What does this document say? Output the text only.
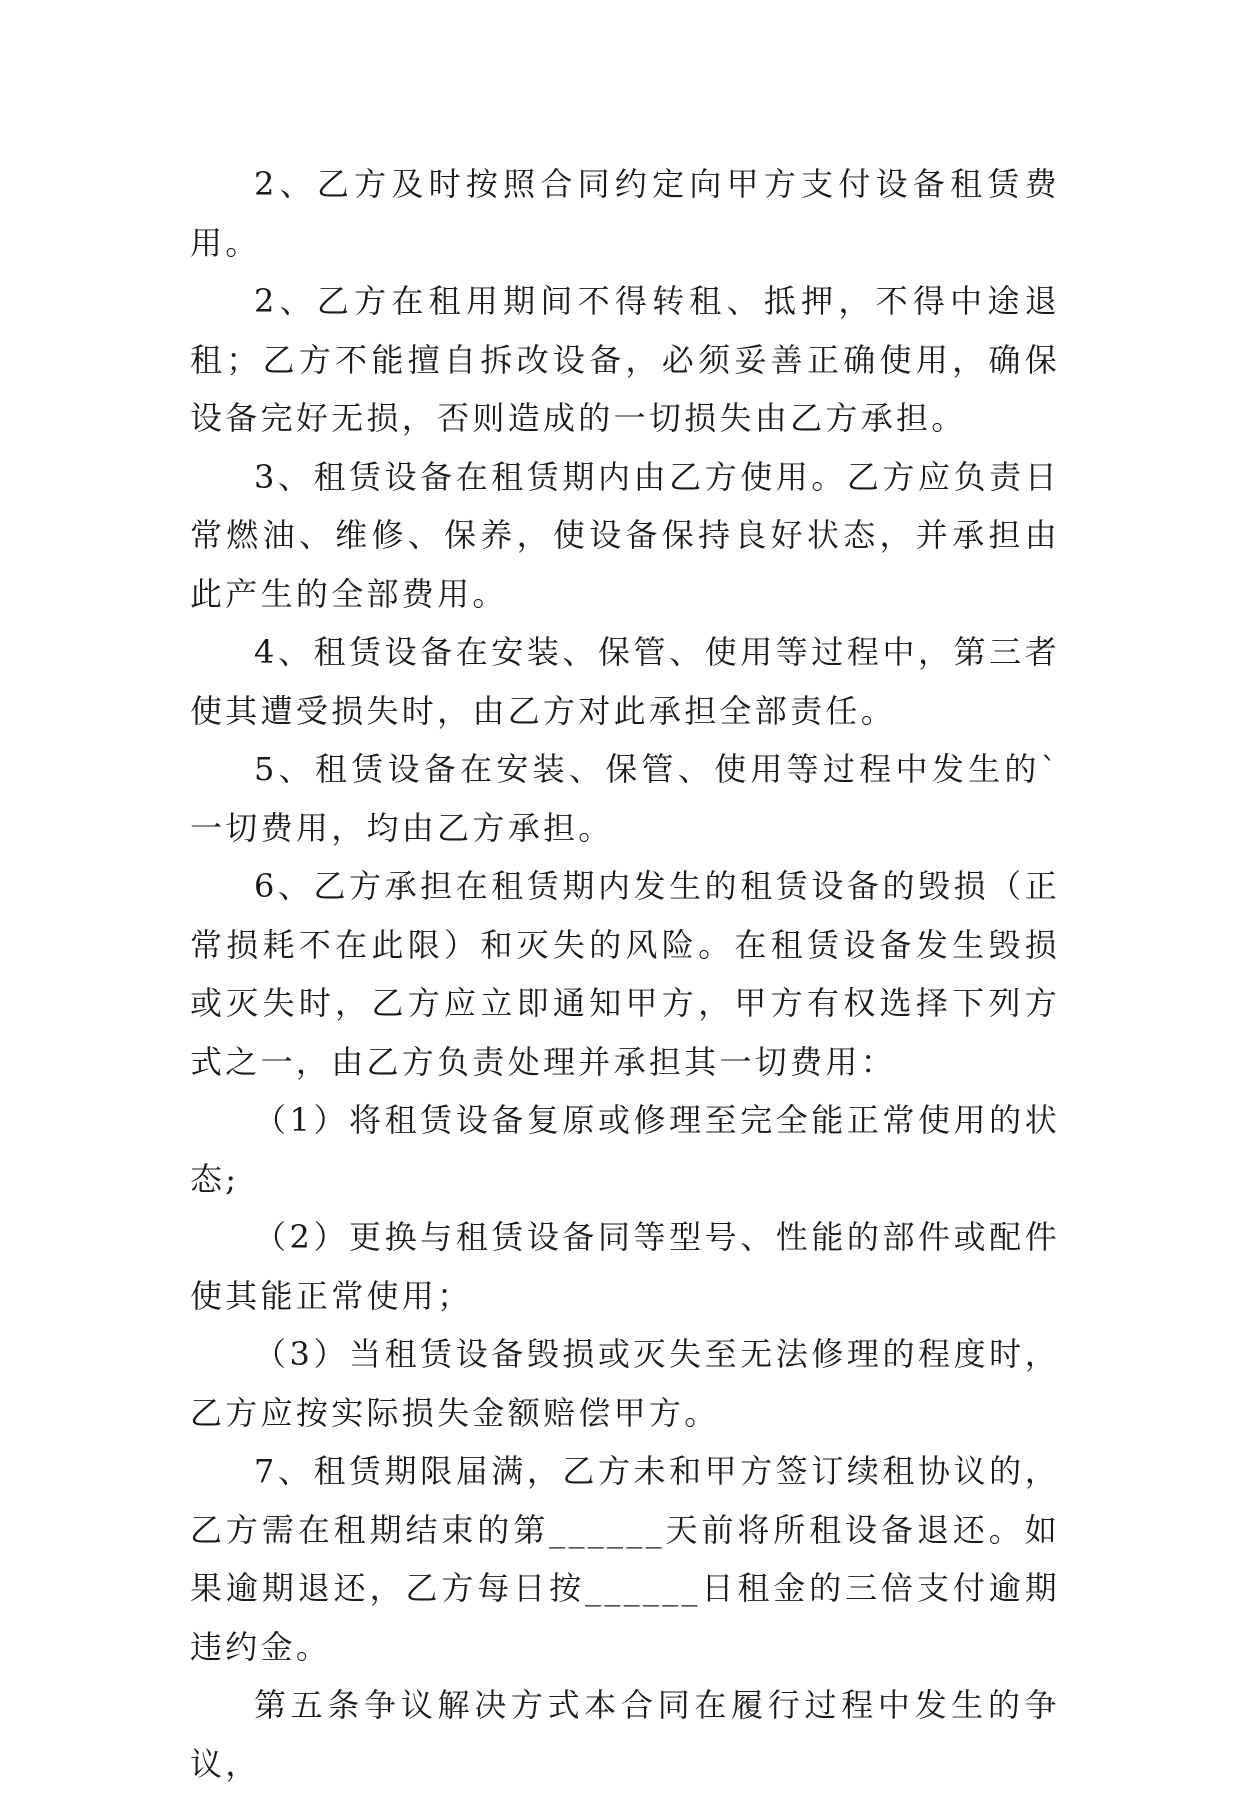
2、乙方及时按照合同约定向甲方支付设备租赁费用。

2、乙方在租用期间不得转租、抵押，不得中途退租；乙方不能擅自拆改设备，必须妥善正确使用，确保设备完好无损，否则造成的一切损失由乙方承担。

3、租赁设备在租赁期内由乙方使用。乙方应负责日常燃油、维修、保养，使设备保持良好状态，并承担由此产生的全部费用。

4、租赁设备在安装、保管、使用等过程中，第三者使其遭受损失时，由乙方对此承担全部责任。

5、租赁设备在安装、保管、使用等过程中发生的`一切费用，均由乙方承担。

6、乙方承担在租赁期内发生的租赁设备的毁损（正常损耗不在此限）和灭失的风险。在租赁设备发生毁损或灭失时，乙方应立即通知甲方，甲方有权选择下列方式之一，由乙方负责处理并承担其一切费用：

（1）将租赁设备复原或修理至完全能正常使用的状态;

（2）更换与租赁设备同等型号、性能的部件或配件使其能正常使用；

（3）当租赁设备毁损或灭失至无法修理的程度时，乙方应按实际损失金额赔偿甲方。

7、租赁期限届满，乙方未和甲方签订续租协议的，乙方需在租期结束的第______天前将所租设备退还。如果逾期退还，乙方每日按______日租金的三倍支付逾期违约金。

第五条争议解决方式本合同在履行过程中发生的争议，
